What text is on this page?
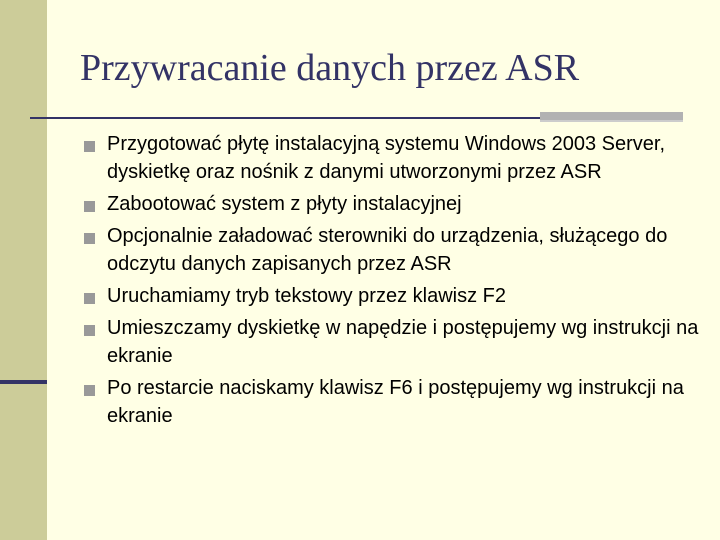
Przywracanie danych przez ASR
Przygotować płytę instalacyjną systemu Windows 2003 Server, dyskietkę oraz nośnik z danymi utworzonymi przez ASR
Zabootować system z płyty instalacyjnej
Opcjonalnie załadować sterowniki do urządzenia, służącego do odczytu danych zapisanych przez ASR
Uruchamiamy tryb tekstowy przez klawisz F2
Umieszczamy dyskietkę w napędzie i postępujemy wg instrukcji na ekranie
Po restarcie naciskamy klawisz F6 i postępujemy wg instrukcji na ekranie
